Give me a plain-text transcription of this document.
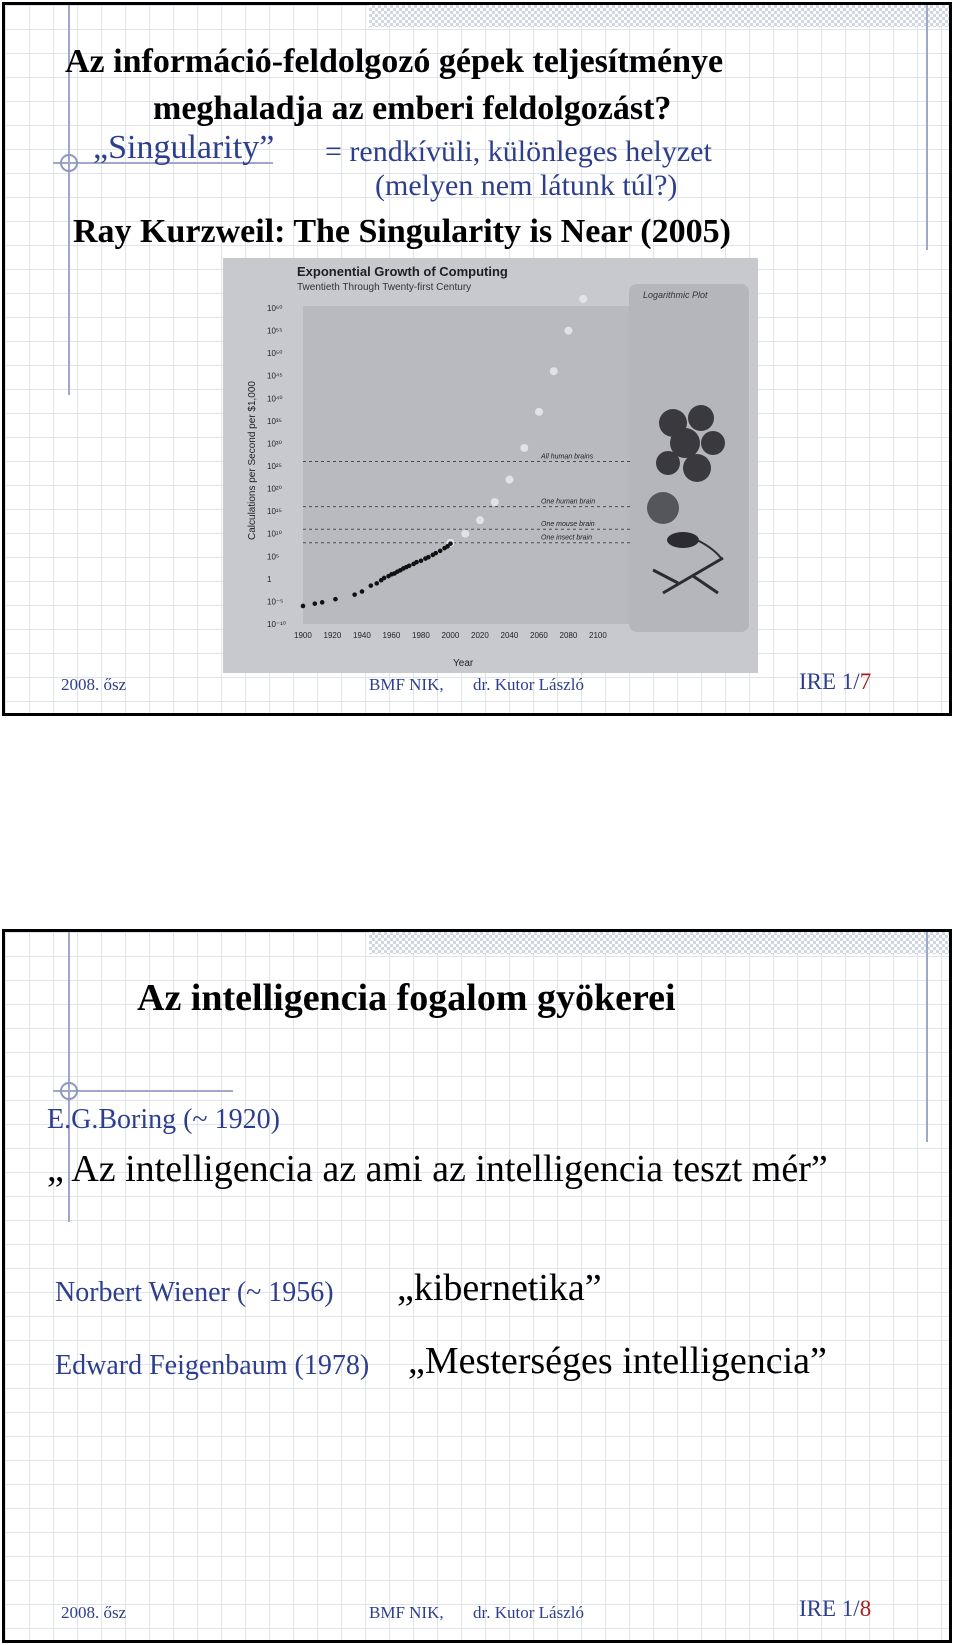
Az információ-feldolgozó gépek teljesítménye
meghaladja az emberi feldolgozást?
„Singularity” = rendkívüli, különleges helyzet
(melyen nem látunk túl?)
Ray Kurzweil: The Singularity is Near (2005)
Exponential Growth of Computing
Twentieth Through Twenty-first Century
Logarithmic Plot
Year
Calculations per Second per $1,000	All human brains
One human brain
One mouse brain
One insect brain
1900 1920 1940 1960 1980 2000 2020 2040 2060 2080 2100
10⁻¹⁰
10⁻⁵
1
10⁵
10¹⁰
10¹⁵
10²⁰
10²⁵
10³⁰
10³⁵
10⁴⁰
10⁴⁵
10⁵⁰
10⁵⁵
10⁶⁰
2008. ősz	BMF NIK, dr. Kutor László	IRE 1/7
Az intelligencia fogalom gyökerei
E.G.Boring (~ 1920)
„ Az intelligencia az ami az intelligencia teszt mér”
Norbert Wiener (~ 1956) „kibernetika”
Edward Feigenbaum (1978) „Mesterséges intelligencia”
2008. ősz	BMF NIK, dr. Kutor László	IRE 1/8
